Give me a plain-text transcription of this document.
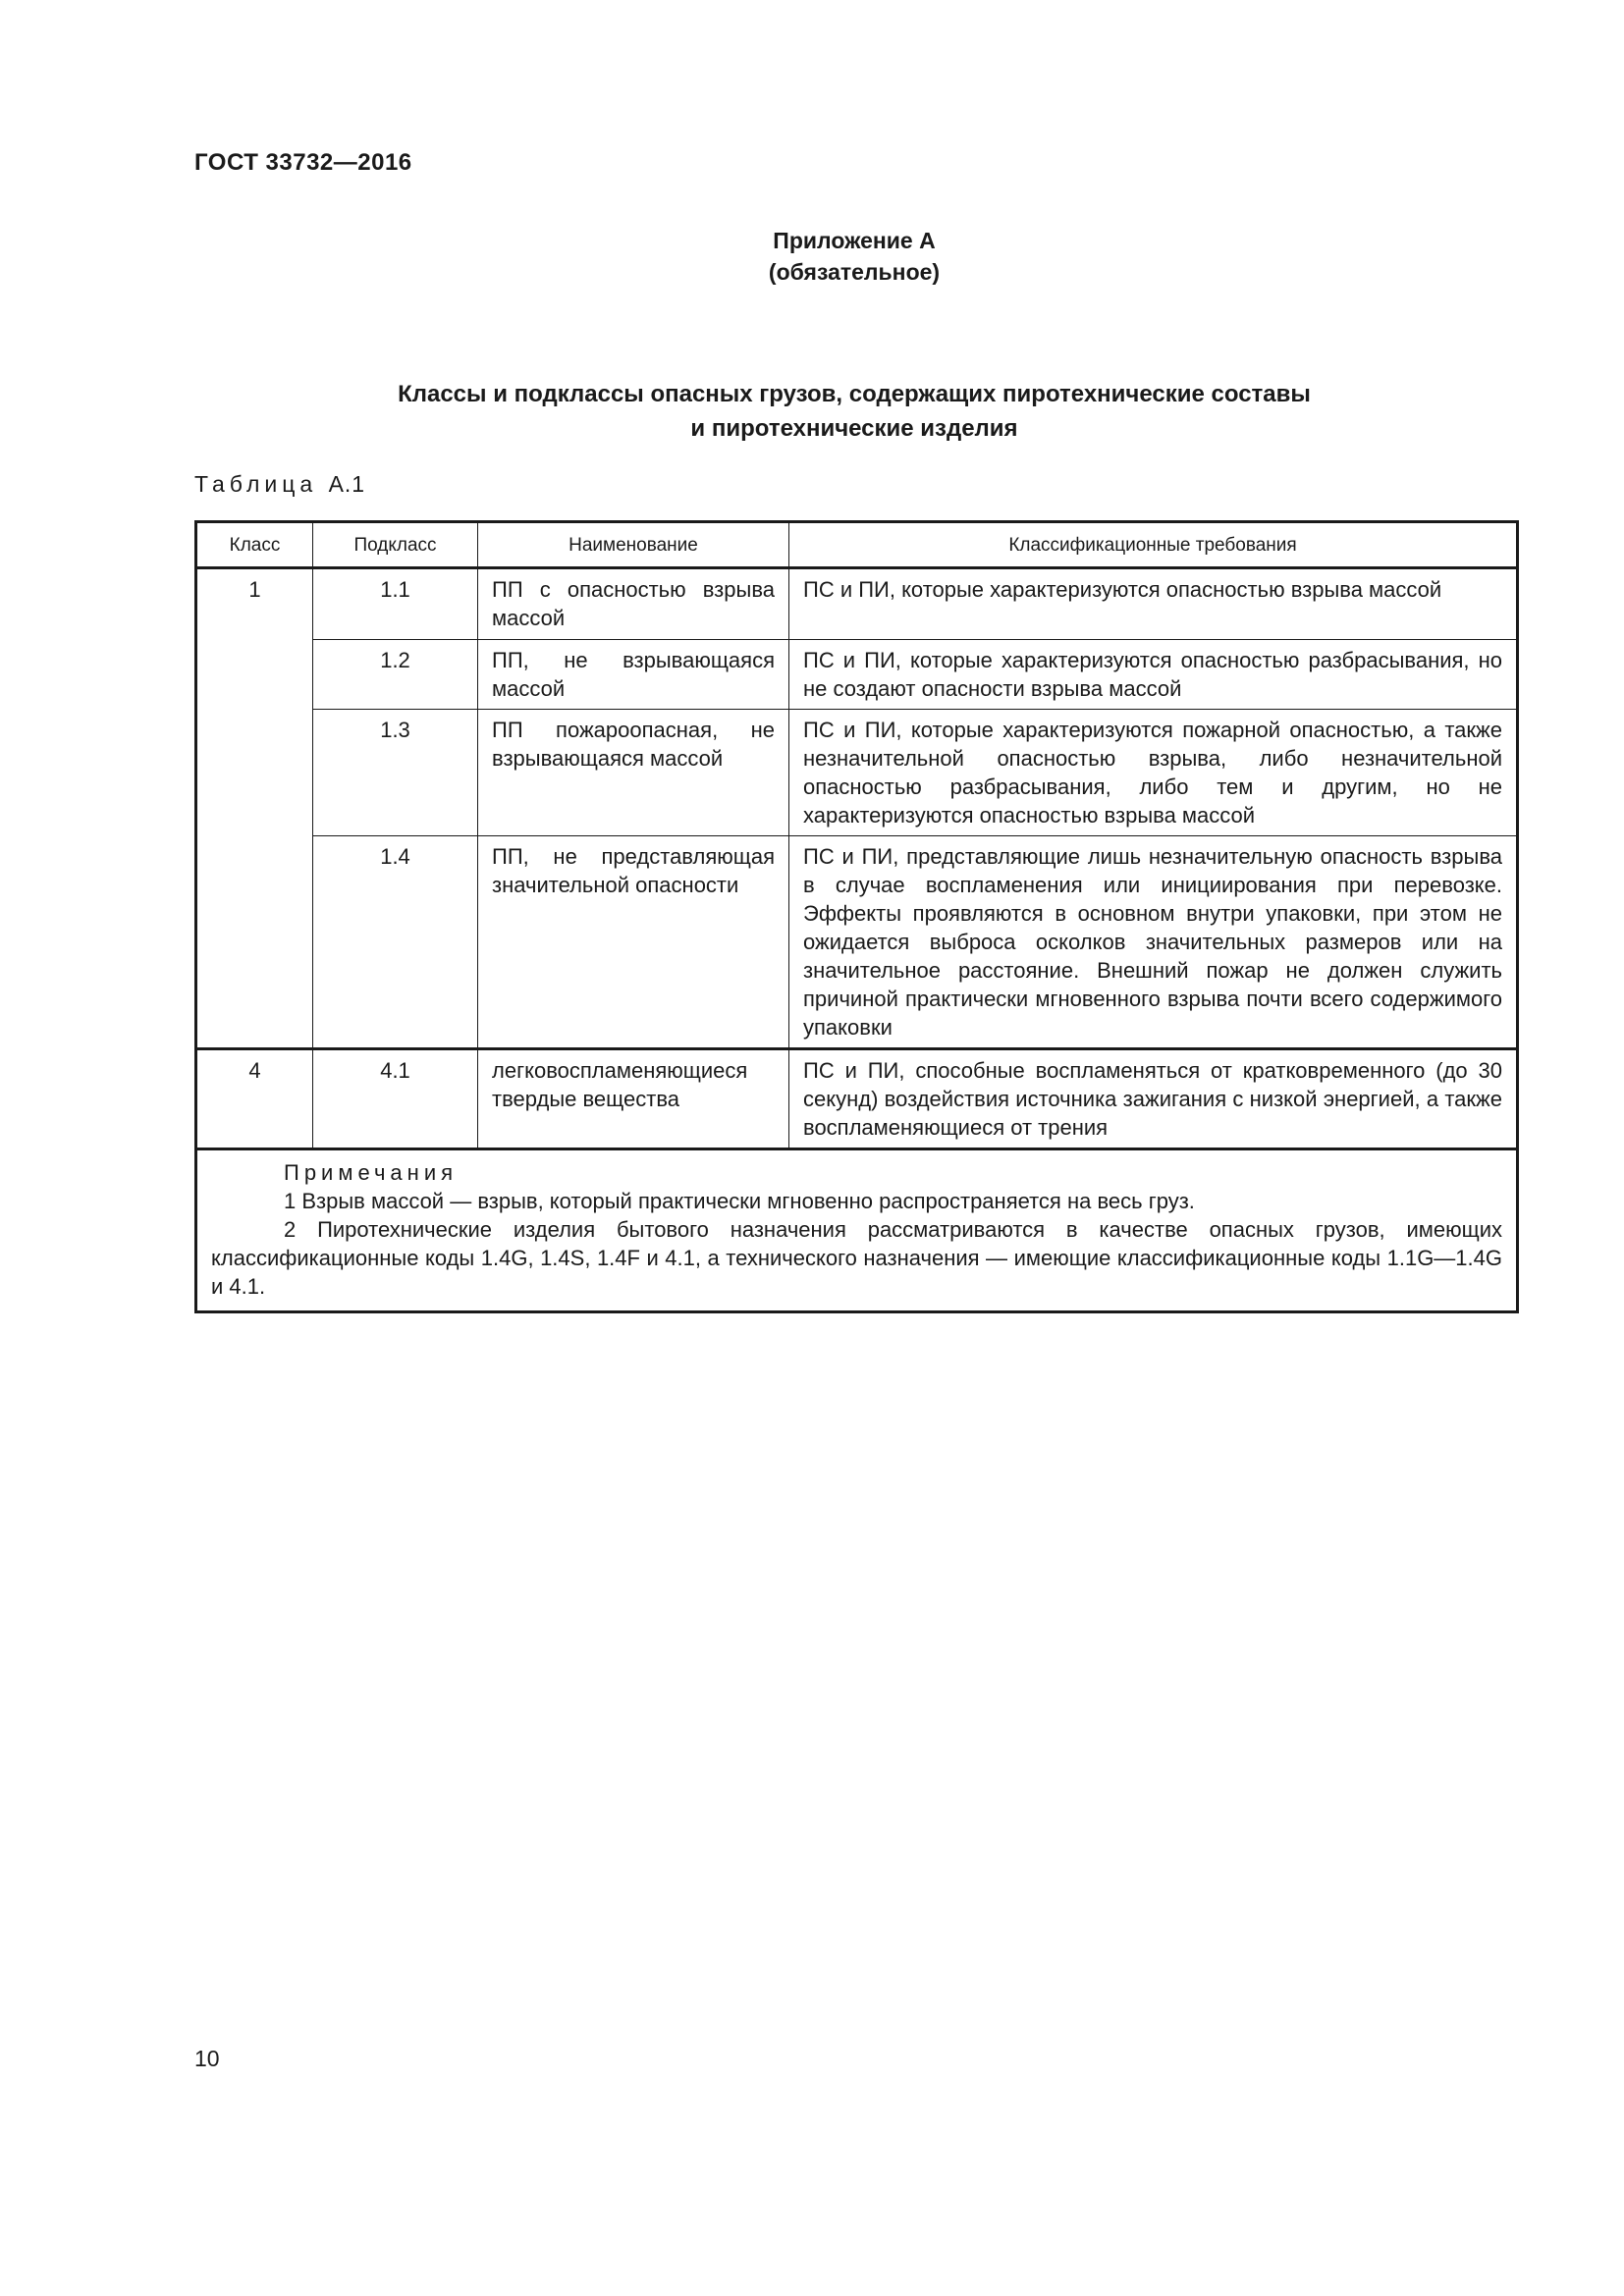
ГОСТ 33732—2016
Приложение А
(обязательное)
Классы и подклассы опасных грузов, содержащих пиротехнические составы
и пиротехнические изделия
Таблица А.1
Класс	Подкласс	Наименование	Классификационные требования
1	1.1	ПП с опасностью взрыва массой	ПС и ПИ, которые характеризуются опасностью взрыва массой
	1.2	ПП, не взрывающаяся массой	ПС и ПИ, которые характеризуются опасностью разбрасывания, но не создают опасности взрыва массой
	1.3	ПП пожароопасная, не взрывающаяся массой	ПС и ПИ, которые характеризуются пожарной опасностью, а также незначительной опасностью взрыва, либо незначительной опасностью разбрасывания, либо тем и другим, но не характеризуются опасностью взрыва массой
	1.4	ПП, не представляющая значительной опасности	ПС и ПИ, представляющие лишь незначительную опасность взрыва в случае воспламенения или инициирования при перевозке. Эффекты проявляются в основном внутри упаковки, при этом не ожидается выброса осколков значительных размеров или на значительное расстояние. Внешний пожар не должен служить причиной практически мгновенного взрыва почти всего содержимого упаковки
4	4.1	легковоспламеняющиеся твердые вещества	ПС и ПИ, способные воспламеняться от кратковременного (до 30 секунд) воздействия источника зажигания с низкой энергией, а также воспламеняющиеся от трения

Примечания
1 Взрыв массой — взрыв, который практически мгновенно распространяется на весь груз.
2 Пиротехнические изделия бытового назначения рассматриваются в качестве опасных грузов, имеющих классификационные коды 1.4G, 1.4S, 1.4F и 4.1, а технического назначения — имеющие классификационные коды 1.1G—1.4G и 4.1.			
10
